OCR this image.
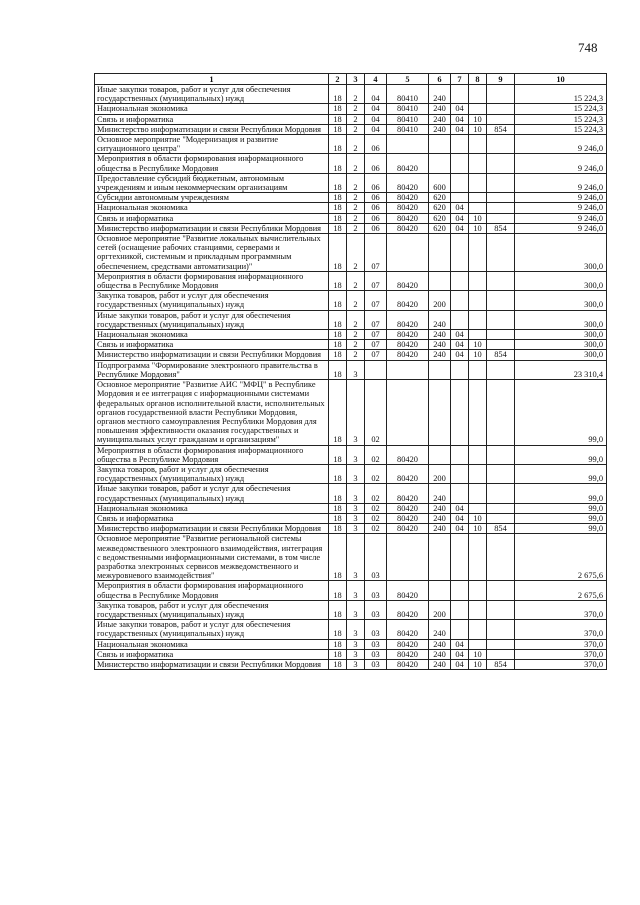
748
1	2	3	4	5	6	7	8	9	10
Иные закупки товаров, работ и услуг для обеспечения государственных (муниципальных) нужд	18	2	04	80410	240				15 224,3
Национальная экономика	18	2	04	80410	240	04			15 224,3
Связь и информатика	18	2	04	80410	240	04	10		15 224,3
Министерство информатизации и связи Республики Мордовия	18	2	04	80410	240	04	10	854	15 224,3
Основное мероприятие "Модернизация и развитие ситуационного центра"	18	2	06						9 246,0
Мероприятия в области формирования информационного общества в Республике Мордовия	18	2	06	80420					9 246,0
Предоставление субсидий бюджетным, автономным учреждениям и иным некоммерческим организациям	18	2	06	80420	600				9 246,0
Субсидии автономным учреждениям	18	2	06	80420	620				9 246,0
Национальная экономика	18	2	06	80420	620	04			9 246,0
Связь и информатика	18	2	06	80420	620	04	10		9 246,0
Министерство информатизации и связи Республики Мордовия	18	2	06	80420	620	04	10	854	9 246,0
Основное мероприятие "Развитие локальных вычислительных сетей (оснащение рабочих станциями, серверами и оргтехникой, системным и прикладным программным обеспечением, средствами автоматизации)"	18	2	07						300,0
Мероприятия в области формирования информационного общества в Республике Мордовия	18	2	07	80420					300,0
Закупка товаров, работ и услуг для обеспечения государственных (муниципальных) нужд	18	2	07	80420	200				300,0
Иные закупки товаров, работ и услуг для обеспечения государственных (муниципальных) нужд	18	2	07	80420	240				300,0
Национальная экономика	18	2	07	80420	240	04			300,0
Связь и информатика	18	2	07	80420	240	04	10		300,0
Министерство информатизации и связи Республики Мордовия	18	2	07	80420	240	04	10	854	300,0
Подпрограмма "Формирование электронного правительства в Республике Мордовия"	18	3							23 310,4
Основное мероприятие "Развитие АИС "МФЦ" в Республике Мордовия и ее интеграция с информационными системами федеральных органов исполнительной власти, исполнительных органов государственной власти Республики Мордовия, органов местного самоуправления Республики Мордовия для повышения эффективности оказания государственных и муниципальных услуг гражданам и организациям"	18	3	02						99,0
Мероприятия в области формирования информационного общества в Республике Мордовия	18	3	02	80420					99,0
Закупка товаров, работ и услуг для обеспечения государственных (муниципальных) нужд	18	3	02	80420	200				99,0
Иные закупки товаров, работ и услуг для обеспечения государственных (муниципальных) нужд	18	3	02	80420	240				99,0
Национальная экономика	18	3	02	80420	240	04			99,0
Связь и информатика	18	3	02	80420	240	04	10		99,0
Министерство информатизации и связи Республики Мордовия	18	3	02	80420	240	04	10	854	99,0
Основное мероприятие "Развитие региональной системы межведомственного электронного взаимодействия, интеграция с ведомственными информационными системами, в том числе разработка электронных сервисов межведомственного и межуровневого взаимодействия"	18	3	03						2 675,6
Мероприятия в области формирования информационного общества в Республике Мордовия	18	3	03	80420					2 675,6
Закупка товаров, работ и услуг для обеспечения государственных (муниципальных) нужд	18	3	03	80420	200				370,0
Иные закупки товаров, работ и услуг для обеспечения государственных (муниципальных) нужд	18	3	03	80420	240				370,0
Национальная экономика	18	3	03	80420	240	04			370,0
Связь и информатика	18	3	03	80420	240	04	10		370,0
Министерство информатизации и связи Республики Мордовия	18	3	03	80420	240	04	10	854	370,0
